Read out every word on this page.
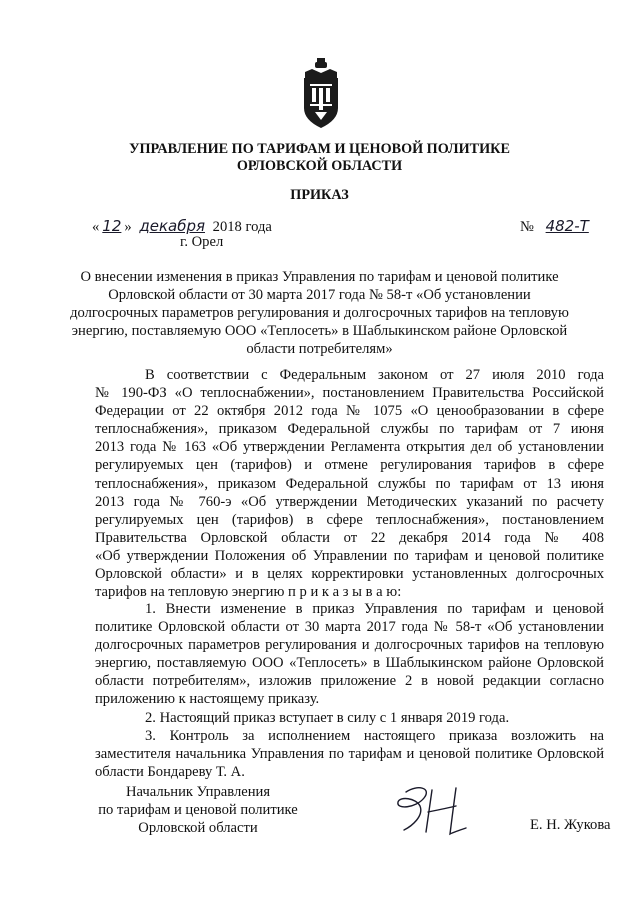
УПРАВЛЕНИЕ ПО ТАРИФАМ И ЦЕНОВОЙ ПОЛИТИКЕ
ОРЛОВСКОЙ ОБЛАСТИ
ПРИКАЗ
« 12 » декабря 2018 года
г. Орел
№ 482-Т
О внесении изменения в приказ Управления по тарифам и ценовой политике
Орловской области от 30 марта 2017 года № 58-т «Об установлении
долгосрочных параметров регулирования и долгосрочных тарифов на тепловую
энергию, поставляемую ООО «Теплосеть» в Шаблыкинском районе Орловской
области потребителям»
В соответствии с Федеральным законом от 27 июля 2010 года
№ 190-ФЗ «О теплоснабжении», постановлением Правительства Российской
Федерации от 22 октября 2012 года № 1075 «О ценообразовании в сфере
теплоснабжения», приказом Федеральной службы по тарифам от 7 июня
2013 года № 163 «Об утверждении Регламента открытия дел об установлении
регулируемых цен (тарифов) и отмене регулирования тарифов в сфере
теплоснабжения», приказом Федеральной службы по тарифам от 13 июня
2013 года № 760-э «Об утверждении Методических указаний по расчету
регулируемых цен (тарифов) в сфере теплоснабжения», постановлением
Правительства Орловской области от 22 декабря 2014 года № 408
«Об утверждении Положения об Управлении по тарифам и ценовой политике
Орловской области» и в целях корректировки установленных долгосрочных
тарифов на тепловую энергию п р и к а з ы в а ю:
1. Внести изменение в приказ Управления по тарифам и ценовой
политике Орловской области от 30 марта 2017 года № 58-т «Об установлении
долгосрочных параметров регулирования и долгосрочных тарифов на тепловую
энергию, поставляемую ООО «Теплосеть» в Шаблыкинском районе Орловской
области потребителям», изложив приложение 2 в новой редакции согласно
приложению к настоящему приказу.
2. Настоящий приказ вступает в силу с 1 января 2019 года.
3. Контроль за исполнением настоящего приказа возложить на
заместителя начальника Управления по тарифам и ценовой политике Орловской
области Бондареву Т. А.
Начальник Управления
по тарифам и ценовой политике
Орловской области	Е. Н. Жукова
